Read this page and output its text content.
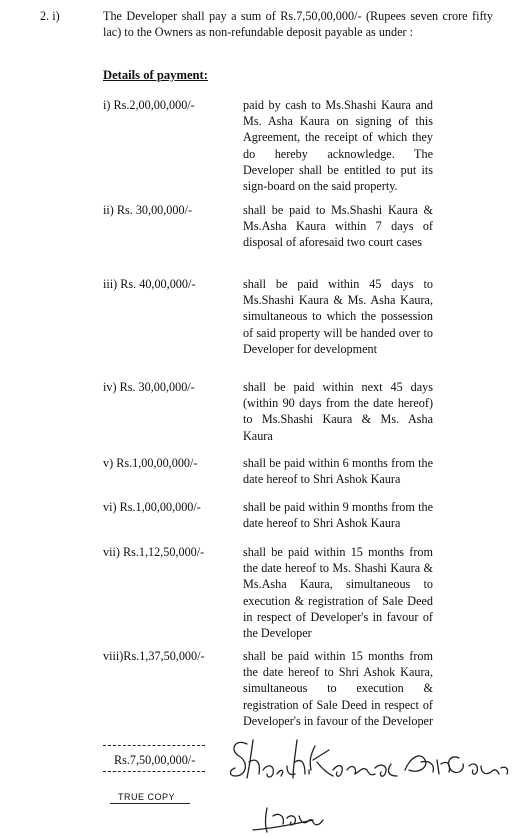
2. i)	The Developer shall pay a sum of Rs.7,50,00,000/- (Rupees seven crore fifty lac) to the Owners as non-refundable deposit payable as under :
Details of payment:
i) Rs.2,00,00,000/-	paid by cash to Ms.Shashi Kaura and Ms. Asha Kaura on signing of this Agreement, the receipt of which they do hereby acknowledge. The Developer shall be entitled to put its sign-board on the said property.
ii) Rs. 30,00,000/-	shall be paid to Ms.Shashi Kaura & Ms.Asha Kaura within 7 days of disposal of aforesaid two court cases
iii) Rs. 40,00,000/-	shall be paid within 45 days to Ms.Shashi Kaura & Ms. Asha Kaura, simultaneous to which the possession of said property will be handed over to Developer for development
iv) Rs. 30,00,000/-	shall be paid within next 45 days (within 90 days from the date hereof) to Ms.Shashi Kaura & Ms. Asha Kaura
v) Rs.1,00,00,000/-	shall be paid within 6 months from the date hereof to Shri Ashok Kaura
vi) Rs.1,00,00,000/-	shall be paid within 9 months from the date hereof to Shri Ashok Kaura
vii) Rs.1,12,50,000/-	shall be paid within 15 months from the date hereof to Ms. Shashi Kaura & Ms.Asha Kaura, simultaneous to execution & registration of Sale Deed in respect of Developer's in favour of the Developer
viii)Rs.1,37,50,000/-	shall be paid within 15 months from the date hereof to Shri Ashok Kaura, simultaneous to execution & registration of Sale Deed in respect of Developer's in favour of the Developer
Rs.7,50,00,000/-
TRUE COPY
